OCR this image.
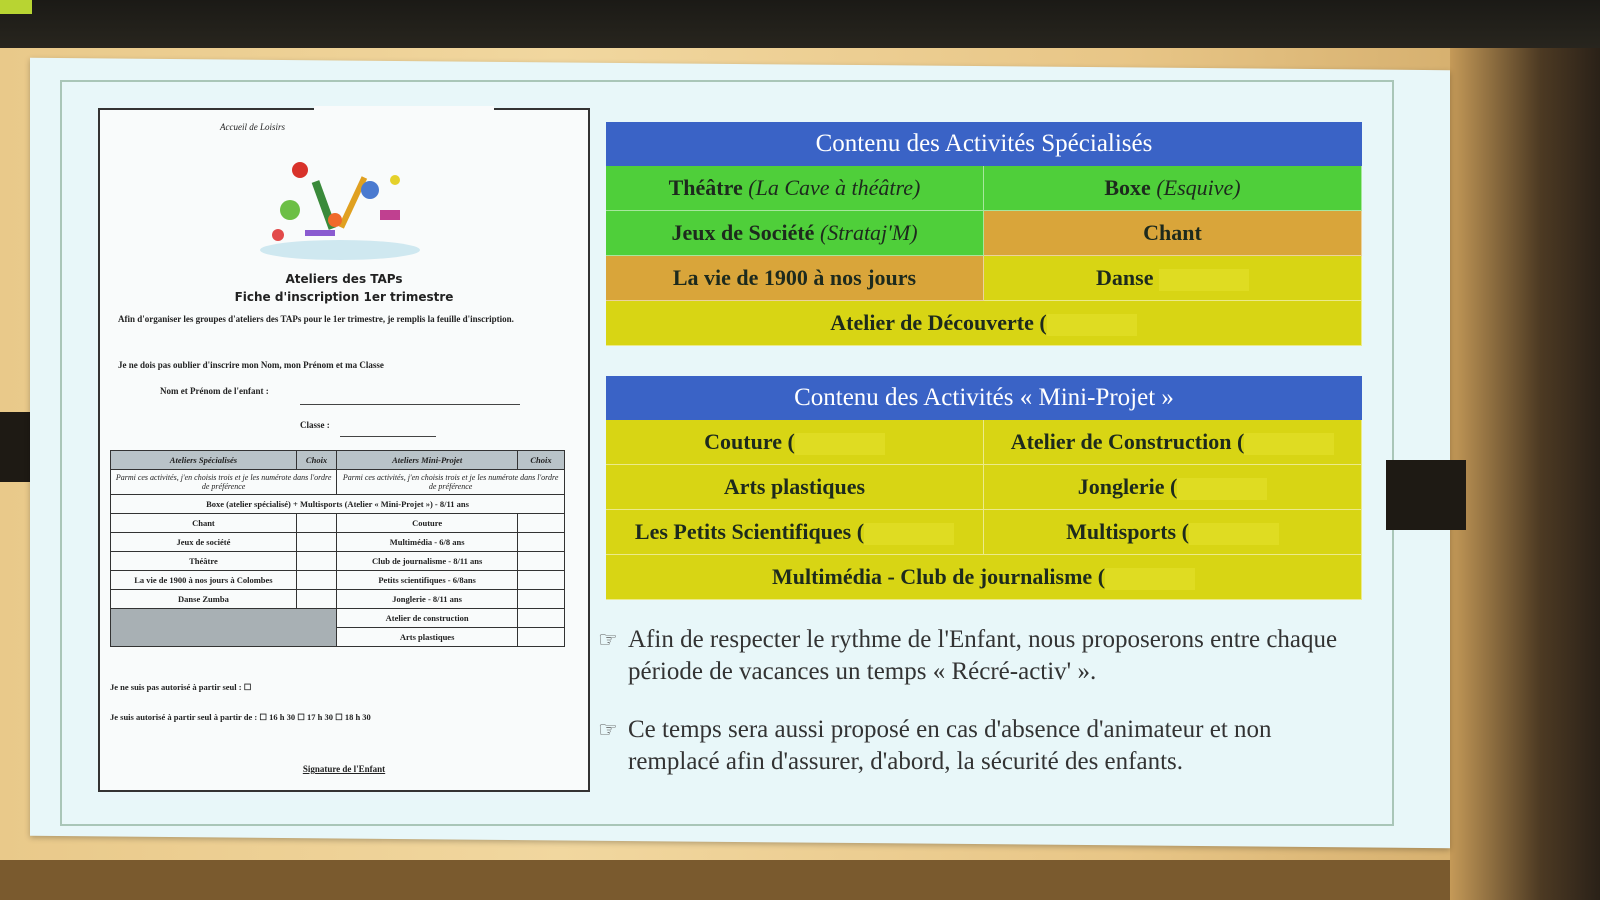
Accueil de Loisirs
Ateliers des TAPs
Fiche d'inscription 1er trimestre
Afin d'organiser les groupes d'ateliers des TAPs pour le 1er trimestre, je remplis la feuille d'inscription.
Je ne dois pas oublier d'inscrire mon Nom, mon Prénom et ma Classe
Nom et Prénom de l'enfant :
Classe :
Ateliers Spécialisés	Choix	Ateliers Mini-Projet	Choix
Parmi ces activités, j'en choisis trois et je les numérote dans l'ordre de préférence		Parmi ces activités, j'en choisis trois et je les numérote dans l'ordre de préférence	
Boxe (atelier spécialisé) + Multisports (Atelier « Mini-Projet ») - 8/11 ans			
Chant		Couture	
Jeux de société		Multimédia - 6/8 ans	
Théâtre		Club de journalisme - 8/11 ans	
La vie de 1900 à nos jours à Colombes		Petits scientifiques - 6/8ans	
Danse Zumba		Jonglerie - 8/11 ans	
		Atelier de construction	
		Arts plastiques	
Je ne suis pas autorisé à partir seul : ☐
Je suis autorisé à partir seul à partir de : ☐ 16 h 30 ☐ 17 h 30 ☐ 18 h 30
Signature de l'Enfant
Contenu des Activités Spécialisés
Théâtre (La Cave à théâtre)	Boxe (Esquive)
Jeux de Société (Strataj'M)	Chant
La vie de 1900 à nos jours	Danse
Atelier de Découverte (
Contenu des Activités « Mini-Projet »
Couture (	Atelier de Construction (
Arts plastiques	Jonglerie (
Les Petits Scientifiques (	Multisports (
Multimédia - Club de journalisme (
☞ Afin de respecter le rythme de l'Enfant, nous proposerons entre chaque période de vacances un temps « Récré-activ' ».
☞ Ce temps sera aussi proposé en cas d'absence d'animateur et non remplacé afin d'assurer, d'abord, la sécurité des enfants.
